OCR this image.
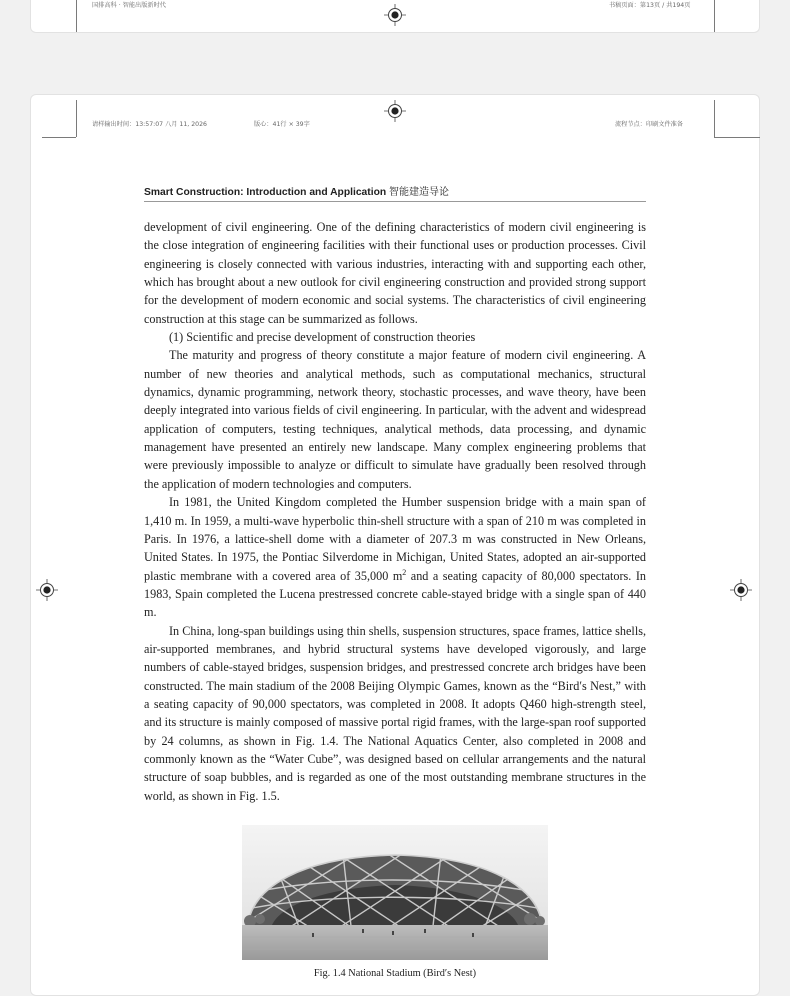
国排高科 · 智能出版新时代	书稿页面：第13页 / 共194页
请样输出时间：13:57:07 八月 11, 2026	版心：41行 × 39字	流程节点：印刷文件准备
Smart Construction: Introduction and Application 智能建造导论

development of civil engineering. One of the defining characteristics of modern civil engineering is the close integration of engineering facilities with their functional uses or production processes. Civil engineering is closely connected with various industries, interacting with and supporting each other, which has brought about a new outlook for civil engineering construction and provided strong support for the development of modern economic and social systems. The characteristics of civil engineering construction at this stage can be summarized as follows.

(1) Scientific and precise development of construction theories

The maturity and progress of theory constitute a major feature of modern civil engineering. A number of new theories and analytical methods, such as computational mechanics, structural dynamics, dynamic programming, network theory, stochastic processes, and wave theory, have been deeply integrated into various fields of civil engineering. In particular, with the advent and widespread application of computers, testing techniques, analytical methods, data processing, and dynamic management have presented an entirely new landscape. Many complex engineering problems that were previously impossible to analyze or difficult to simulate have gradually been resolved through the application of modern technologies and computers.

In 1981, the United Kingdom completed the Humber suspension bridge with a main span of 1,410 m. In 1959, a multi-wave hyperbolic thin-shell structure with a span of 210 m was completed in Paris. In 1976, a lattice-shell dome with a diameter of 207.3 m was constructed in New Orleans, United States. In 1975, the Pontiac Silverdome in Michigan, United States, adopted an air-supported plastic membrane with a covered area of 35,000 $m^2$ and a seating capacity of 80,000 spectators. In 1983, Spain completed the Lucena prestressed concrete cable-stayed bridge with a single span of 440 m.

In China, long-span buildings using thin shells, suspension structures, space frames, lattice shells, air-supported membranes, and hybrid structural systems have developed vigorously, and large numbers of cable-stayed bridges, suspension bridges, and prestressed concrete arch bridges have been constructed. The main stadium of the 2008 Beijing Olympic Games, known as the “Bird′s Nest,” with a seating capacity of 90,000 spectators, was completed in 2008. It adopts Q460 high-strength steel, and its structure is mainly composed of massive portal rigid frames, with the large-span roof supported by 24 columns, as shown in Fig. 1.4. The National Aquatics Center, also completed in 2008 and commonly known as the “Water Cube”, was designed based on cellular arrangements and the natural structure of soap bubbles, and is regarded as one of the most outstanding membrane structures in the world, as shown in Fig. 1.5.

Fig. 1.4 National Stadium (Bird′s Nest)
